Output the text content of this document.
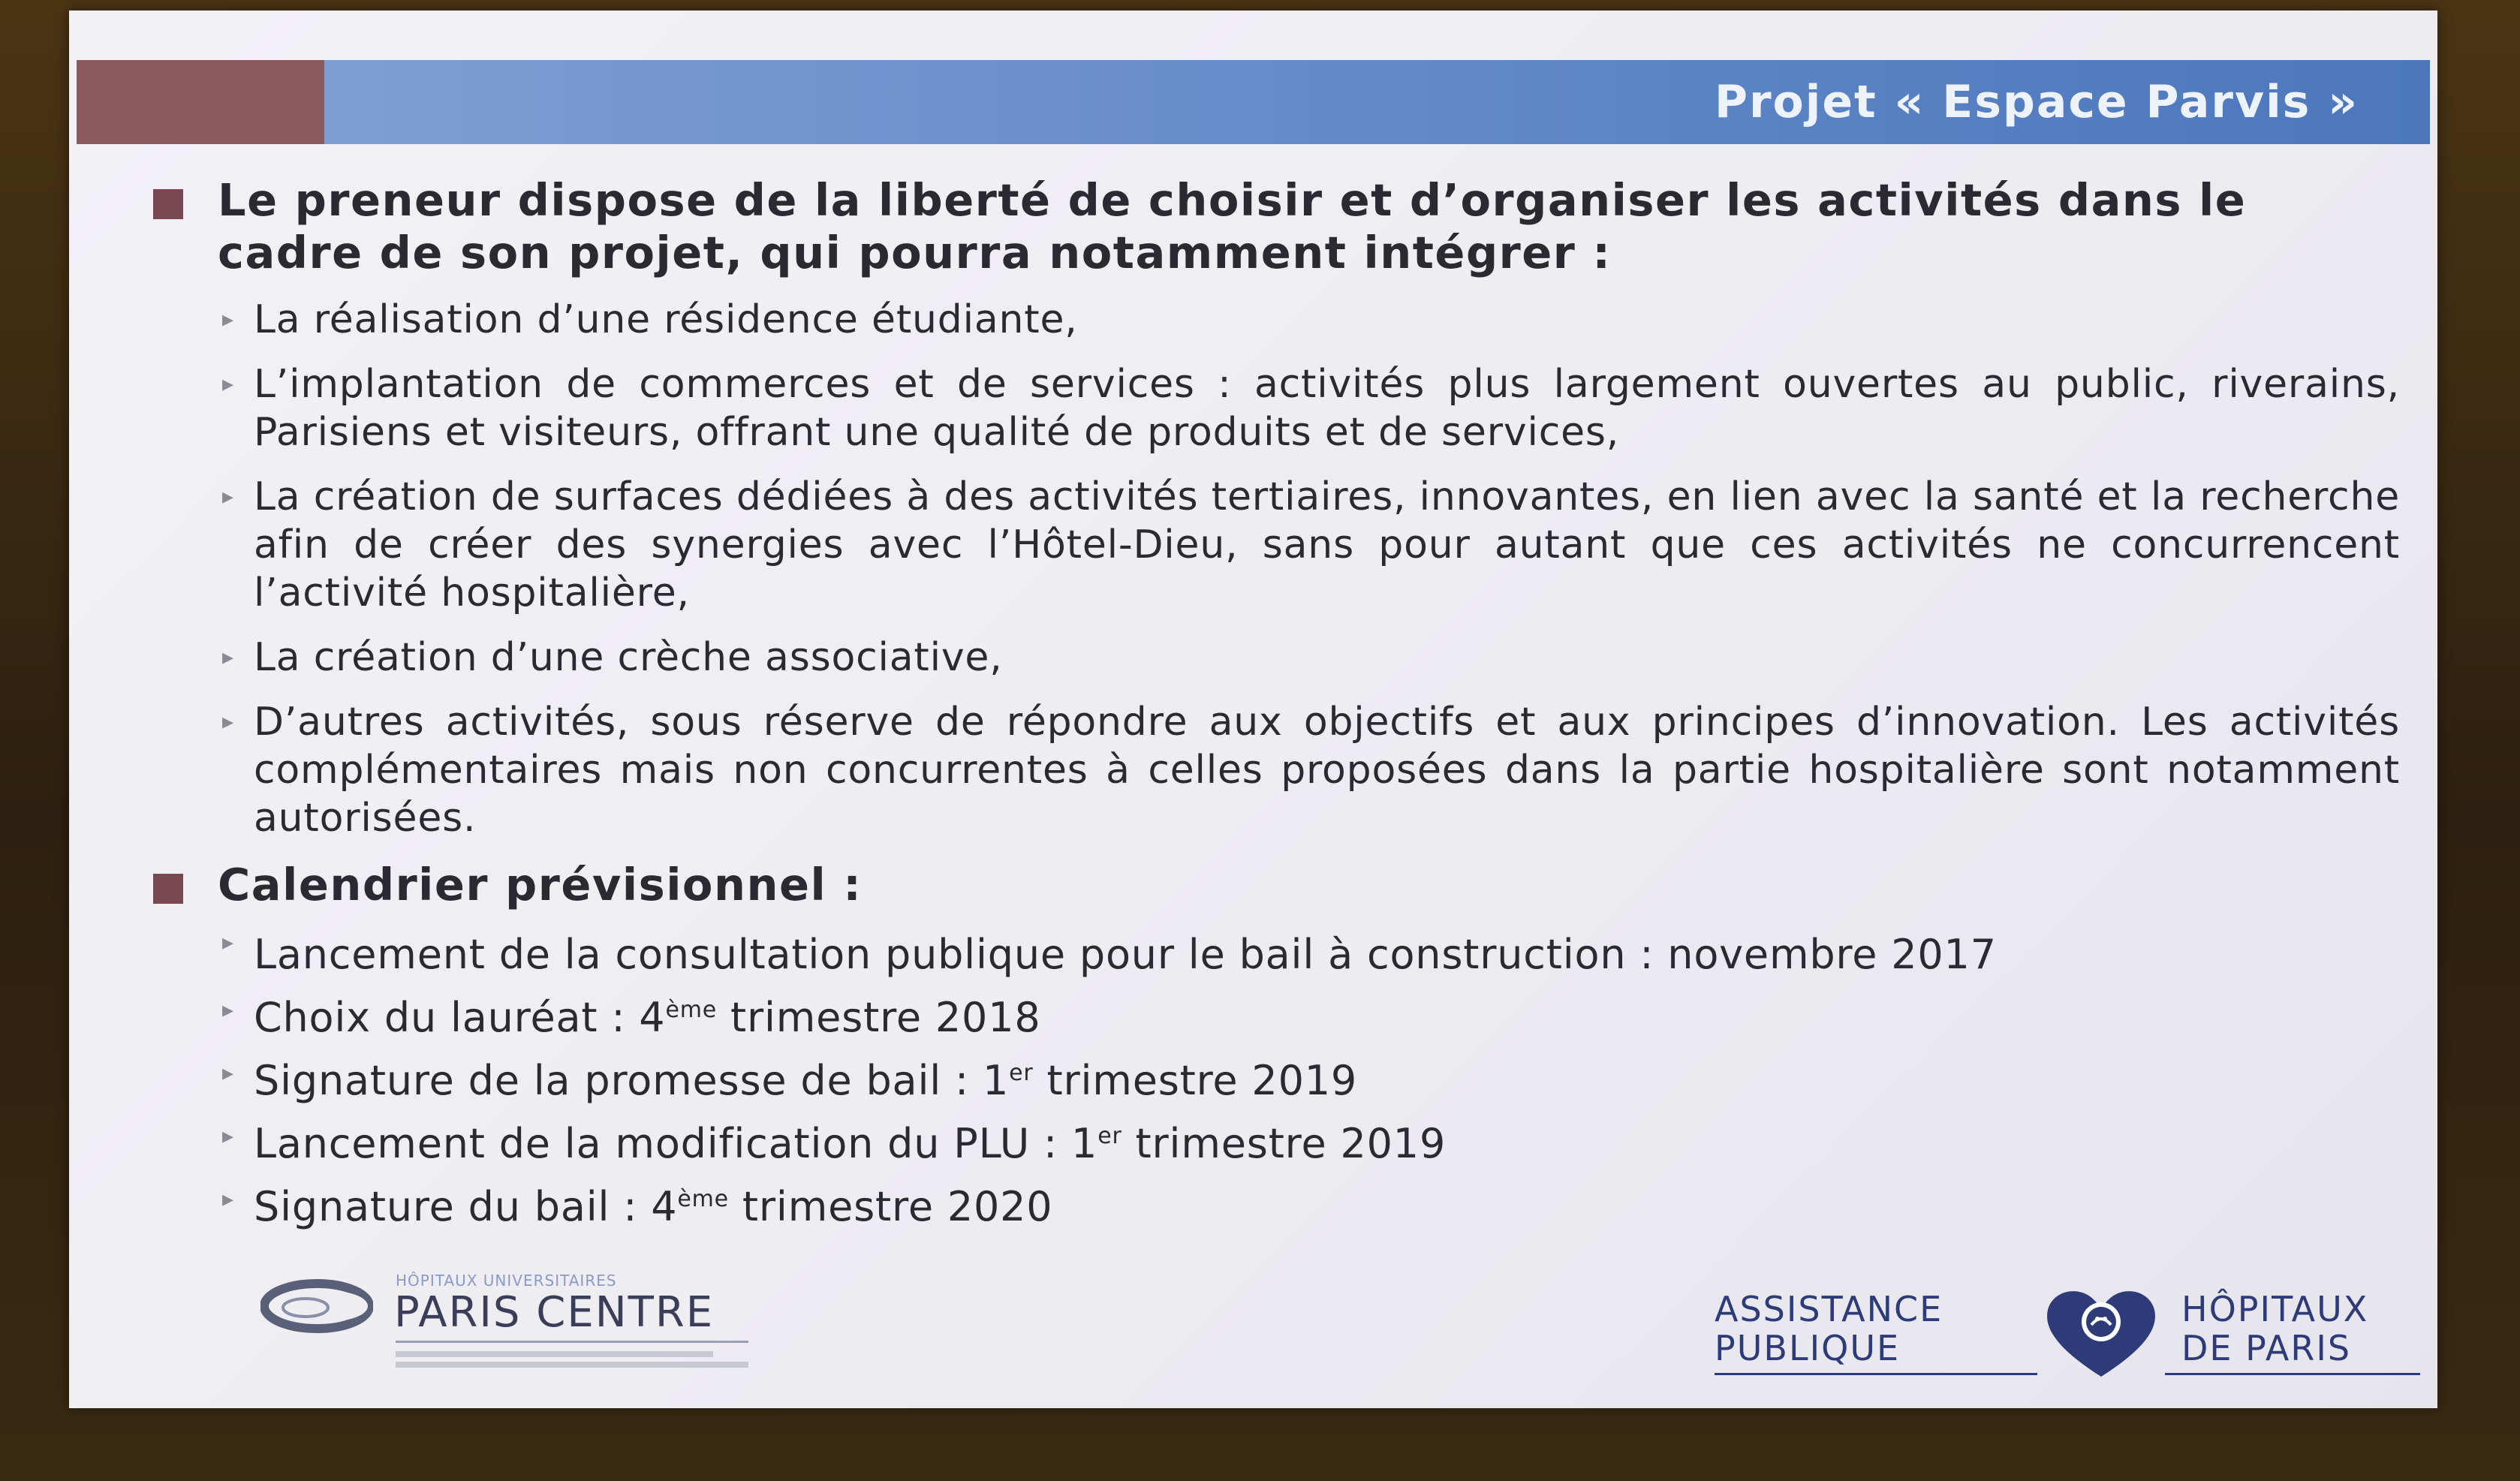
Projet « Espace Parvis »

Le preneur dispose de la liberté de choisir et d’organiser les activités dans le cadre de son projet, qui pourra notamment intégrer :

▸ La réalisation d’une résidence étudiante,
▸ L’implantation de commerces et de services : activités plus largement ouvertes au public, riverains, Parisiens et visiteurs, offrant une qualité de produits et de services,
▸ La création de surfaces dédiées à des activités tertiaires, innovantes, en lien avec la santé et la recherche afin de créer des synergies avec l’Hôtel-Dieu, sans pour autant que ces activités ne concurrencent l’activité hospitalière,
▸ La création d’une crèche associative,
▸ D’autres activités, sous réserve de répondre aux objectifs et aux principes d’innovation. Les activités complémentaires mais non concurrentes à celles proposées dans la partie hospitalière sont notamment autorisées.

Calendrier prévisionnel :

▸ Lancement de la consultation publique pour le bail à construction : novembre 2017
▸ Choix du lauréat : 4ème trimestre 2018
▸ Signature de la promesse de bail : 1er trimestre 2019
▸ Lancement de la modification du PLU : 1er trimestre 2019
▸ Signature du bail : 4ème trimestre 2020
HÔPITAUX UNIVERSITAIRES
PARIS CENTRE	ASSISTANCE
PUBLIQUE
HÔPITAUX
DE PARIS
